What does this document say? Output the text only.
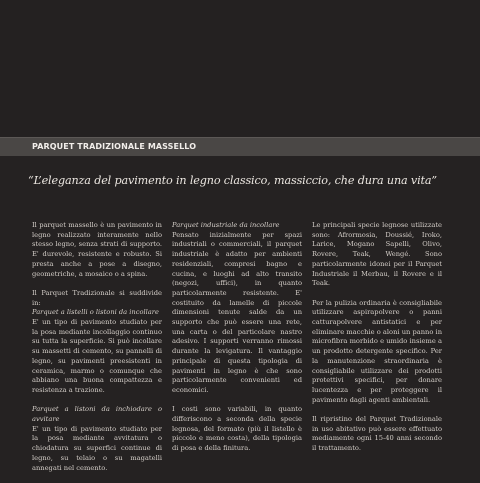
PARQUET TRADIZIONALE MASSELLO
“L’eleganza del pavimento in legno classico, massiccio, che dura una vita”

Il parquet massello è un pavimento in legno realizzato interamente nello stesso legno, senza strati di supporto. E' durevole, resistente e robusto. Si presta anche a pose a disegno, geometriche, a mosaico o a spina.

Il Parquet Tradizionale si suddivide in:
Parquet a listelli o listoni da incollare
E' un tipo di pavimento studiato per la posa mediante incollaggio continuo su tutta la superficie. Si può incollare su massetti di cemento, su pannelli di legno, su pavimenti preesistenti in ceramica, marmo o comunque che abbiano una buona compattezza e resistenza a trazione.

Parquet a listoni da inchiodare o avvitare
E' un tipo di pavimento studiato per la posa mediante avvitatura o chiodatura su superfici continue di legno, su telaio o su magatelli annegati nel cemento.

Parquet industriale da incollare
Pensato inizialmente per spazi industriali o commerciali, il parquet industriale è adatto per ambienti residenziali, compresi bagno e cucina, e luoghi ad alto transito (negozi, uffici), in quanto particolarmente resistente. E' costituito da lamelle di piccole dimensioni tenute salde da un supporto che può essere una rete, una carta o del particolare nastro adesivo. I supporti verranno rimossi durante la levigatura. Il vantaggio principale di questa tipologia di pavimenti in legno è che sono particolarmente convenienti ed economici.

I costi sono variabili, in quanto differiscono a seconda della specie legnosa, del formato (più il listello è piccolo e meno costa), della tipologia di posa e della finitura.

Le principali specie legnose utilizzate sono: Afrormosia, Doussié, Iroko, Larice, Mogano Sapelli, Olivo, Rovere, Teak, Wengé. Sono particolarmente idonei per il Parquet Industriale il Merbau, il Rovere e il Teak.

Per la pulizia ordinaria è consigliabile utilizzare aspirapolvere o panni catturapolvere antistatici e per eliminare macchie o aloni un panno in microfibra morbido e umido insieme a un prodotto detergente specifico. Per la manutenzione straordinaria è consigliabile utilizzare dei prodotti protettivi specifici, per donare lucentezza e per proteggere il pavimento dagli agenti ambientali.

Il ripristino del Parquet Tradizionale in uso abitativo può essere effettuato mediamente ogni 15-40 anni secondo il trattamento.
